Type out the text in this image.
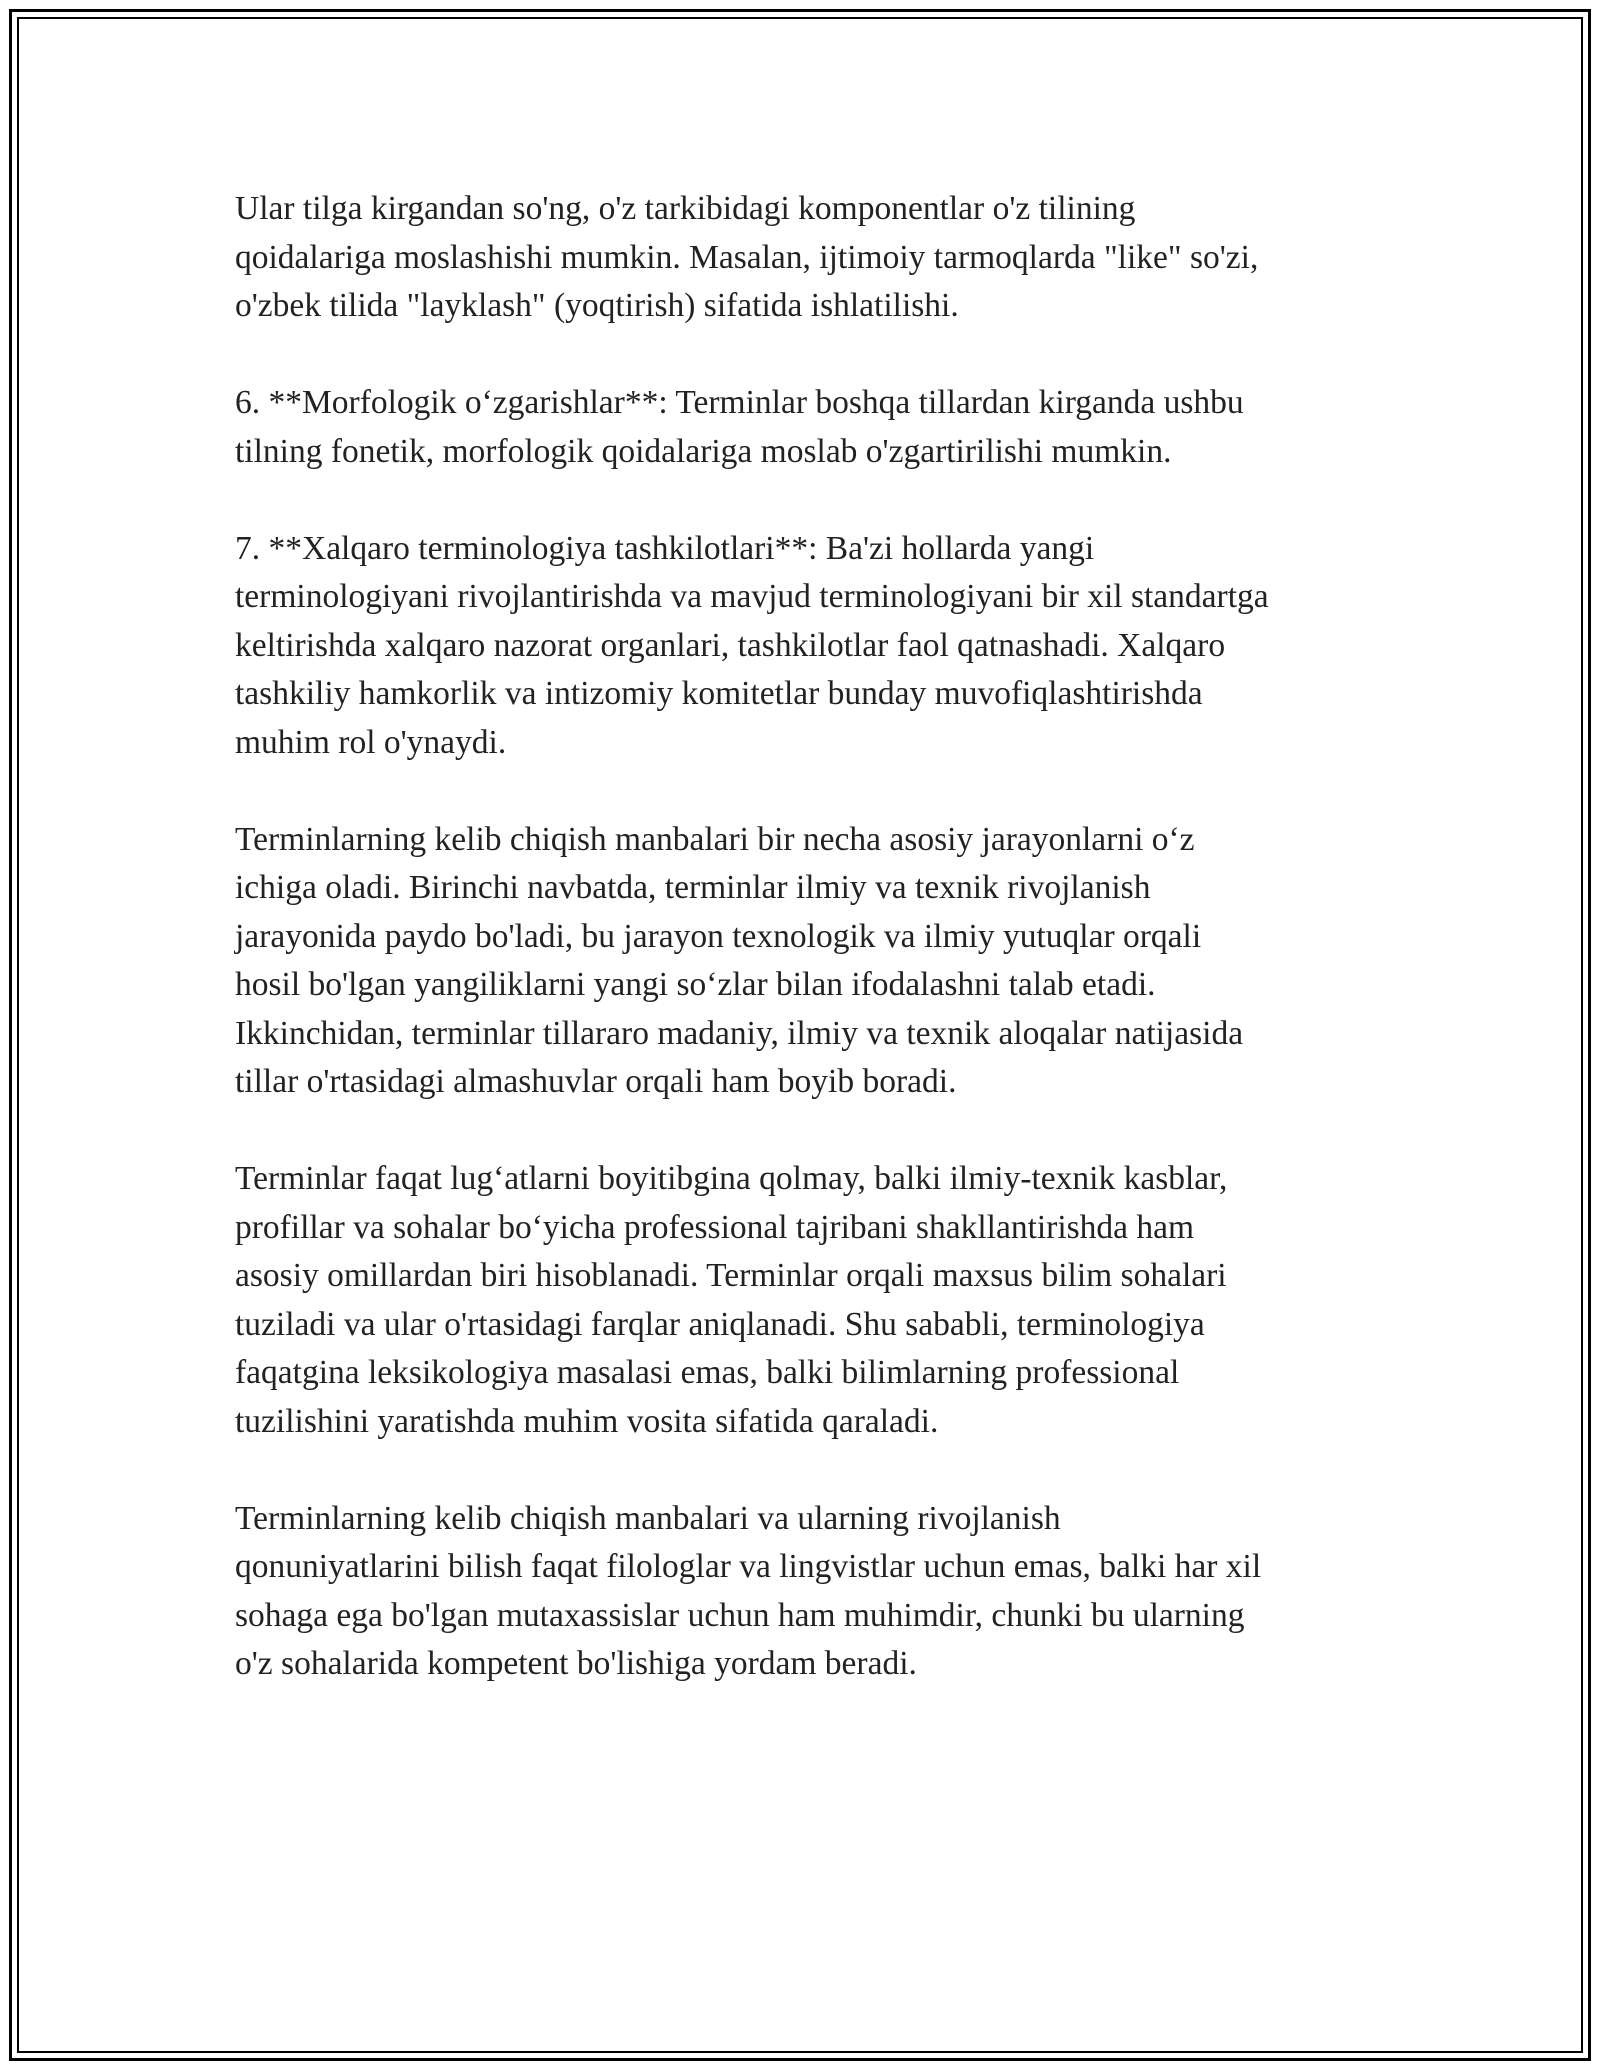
Ular tilga kirgandan so'ng, o'z tarkibidagi komponentlar o'z tilining
qoidalariga moslashishi mumkin. Masalan, ijtimoiy tarmoqlarda "like" so'zi,
o'zbek tilida "layklash" (yoqtirish) sifatida ishlatilishi.

6. **Morfologik o‘zgarishlar**: Terminlar boshqa tillardan kirganda ushbu
tilning fonetik, morfologik qoidalariga moslab o'zgartirilishi mumkin.

7. **Xalqaro terminologiya tashkilotlari**: Ba'zi hollarda yangi
terminologiyani rivojlantirishda va mavjud terminologiyani bir xil standartga
keltirishda xalqaro nazorat organlari, tashkilotlar faol qatnashadi. Xalqaro
tashkiliy hamkorlik va intizomiy komitetlar bunday muvofiqlashtirishda
muhim rol o'ynaydi.

Terminlarning kelib chiqish manbalari bir necha asosiy jarayonlarni o‘z
ichiga oladi. Birinchi navbatda, terminlar ilmiy va texnik rivojlanish
jarayonida paydo bo'ladi, bu jarayon texnologik va ilmiy yutuqlar orqali
hosil bo'lgan yangiliklarni yangi so‘zlar bilan ifodalashni talab etadi.
Ikkinchidan, terminlar tillararo madaniy, ilmiy va texnik aloqalar natijasida
tillar o'rtasidagi almashuvlar orqali ham boyib boradi.

Terminlar faqat lug‘atlarni boyitibgina qolmay, balki ilmiy-texnik kasblar,
profillar va sohalar bo‘yicha professional tajribani shakllantirishda ham
asosiy omillardan biri hisoblanadi. Terminlar orqali maxsus bilim sohalari
tuziladi va ular o'rtasidagi farqlar aniqlanadi. Shu sababli, terminologiya
faqatgina leksikologiya masalasi emas, balki bilimlarning professional
tuzilishini yaratishda muhim vosita sifatida qaraladi.

Terminlarning kelib chiqish manbalari va ularning rivojlanish
qonuniyatlarini bilish faqat filologlar va lingvistlar uchun emas, balki har xil
sohaga ega bo'lgan mutaxassislar uchun ham muhimdir, chunki bu ularning
o'z sohalarida kompetent bo'lishiga yordam beradi.
